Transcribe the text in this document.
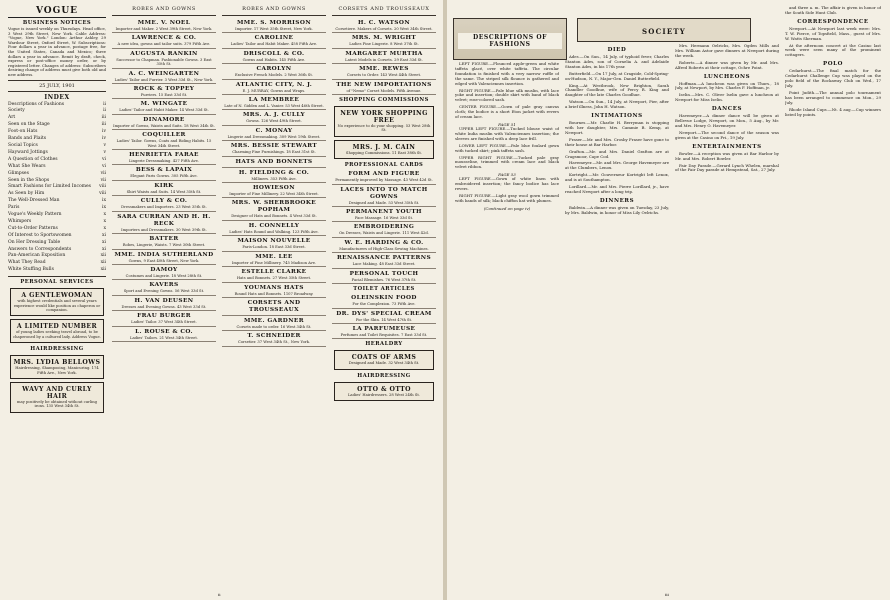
VOGUE
BUSINESS NOTICES
Vogue is issued weekly on Thursdays. Head office, 3 West 29th Street, New York. Cable Address: "Vogue, New York." London: Arthur Ashley, 29 Wardour Street, Oxford Street, W. Subscriptions: Four dollars a year in advance, postage free, for the United States, Canada and Mexico; three dollars a year in advance. Remit by draft, check, express or post-office money order, or by registered letter. Changes of address: Subscribers desiring change of address must give both old and new address.
25 JULY, 1901
INDEX
Descriptions of Fashions	ii
Society	ii
Art	iii
Seen on the Stage	iii
Foot-on Hats	iv
Bands and Plaits	iv
Social Topics	v
Hayward Jottings	v
A Question of Clothes	vi
What She Wears	vi
Glimpses	vii
Seen in the Shops	vii
Smart Fashions for Limited Incomes	viii
As Seen by Him	viii
The Well-Dressed Man	ix
Paris	ix
Vogue's Weekly Pattern	x
Whimpers	x
Cut-to-Order Patterns	x
Of Interest to Sportswomen	xi
On Her Dressing Table	xi
Answers to Correspondents	xi
Pan-American Exposition	xii
What They Read	xii
White Stuffing Bulls	xii
PERSONAL SERVICES
A GENTLEWOMAN
with highest credentials and several years experience would like position as chaperon or companion.
A LIMITED NUMBER
of young ladies seeking travel abroad, to be chaperoned by a cultured lady. Address Vogue.
HAIRDRESSING
MRS. LYDIA BELLOWS
Hairdressing, Shampooing, Manicuring. 174 Fifth Ave., New York.
WAVY AND CURLY HAIR
may positively be obtained without curling irons. 135 West 34th St.
ROBES AND GOWNS
MME. V. NOEL
Importer and Maker. 2 West 39th Street, New York.
LAWRENCE & CO.
A new idea, gowns and tailor suits. 379 Fifth Ave.
AUGUSTA RANKIN
Successor to Chapman. Fashionable Gowns. 3 East 35th St.
A. C. WEINGARTEN
Ladies' Tailor and Furrier. 3 West 33d St., New York.
ROCK & TOPPEY
Furriers. 15 East 33d St.
M. WINGATE
Ladies' Tailor and Habit Maker. 14 West 33d St.
DINAMORE
Importer of Gowns, Waists and Suits. 18 West 34th St.
COQUILLER
Ladies' Tailor. Gowns, Coats and Riding Habits. 15 West 34th Street.
HENRIETTA FARAE
Lingerie Dressmaking. 427 Fifth Ave.
BESS & LAPAIX
Elegant Paris Gowns. 305 Fifth Ave.
KIRK
Shirt Waists and Suits. 14 West 35th St.
CULLY & CO.
Dressmakers and Importers. 23 West 35th St.
SARA CURRAN AND H. H. RECK
Importers and Dressmakers. 30 West 39th St.
BATTER
Robes, Lingerie, Waists. 7 West 30th Street.
MME. INDIA SUTHERLAND
Gowns, 9 East 40th Street, New York.
DAMOY
Costumes and Lingerie. 18 West 28th St.
KAVERS
Sport and Evening Gowns. 56 West 33d St.
H. VAN DEUSEN
Dresses and Evening Gowns. 43 West 33d St.
FRAU BURGER
Ladies' Tailor. 37 West 34th Street.
L. ROUSE & CO.
Ladies' Tailors. 21 West 34th Street.
ROBES AND GOWNS
MME. S. MORRISON
Importer. 17 West 35th Street, New York.
CAROLINE
Ladies' Tailor and Habit Maker. 458 Fifth Ave.
DRISCOLL & CO.
Gowns and Habits. 145 Fifth Ave.
CAROLYN
Exclusive French Models. 2 West 36th St.
ATLANTIC CITY, N. J.
E. J. MURRAY, Gowns and Wraps.
LA MEMBREE
Late of N. Gidden and L. Vanier. 53 West 46th Street.
MRS. A. J. CULLY
Gowns. 126 West 49th Street.
C. MONAY
Lingerie and Dressmaking. 309 West 19th Street.
MRS. BESSIE STEWART
Charming Fine Furnishings. 18 East 31st St.
HATS AND BONNETS
H. FIELDING & CO.
Milliners. 353 Fifth Ave.
HOWIESON
Importer of Fine Millinery. 22 West 34th Street.
MRS. W. SHERBROOKE POPHAM
Designer of Hats and Bonnets. 4 West 33d St.
H. CONNELLY
Ladies' Hats Round and Walking. 123 Fifth Ave.
MAISON NOUVELLE
Paris-London. 18 East 33d Street.
MME. LEE
Importer of Fine Millinery. 745 Madison Ave.
ESTELLE CLARKE
Hats and Bonnets. 27 West 35th Street.
YOUMANS HATS
Round Hats and Bonnets. 1107 Broadway.
CORSETS AND TROUSSEAUX
MME. GARDNER
Corsets made to order. 16 West 34th St.
T. SCHNEIDER
Corsetier. 37 West 34th St., New York.
CORSETS AND TROUSSEAUX
H. C. WATSON
Corsetiere. Makers of Corsets. 20 West 34th Street.
MRS. M. WRIGHT
Ladies Fine Lingerie. 8 West 37th St.
MARGARET MURTHA
Latest Models in Corsets. 29 East 33d St.
MME. REWES
Corsets to Order. 143 West 44th Street.
THE NEW IMPORTATIONS
of "Nemo" Corset Models. Fifth Avenue.
SHOPPING COMMISSIONS
NEW YORK SHOPPING FREE
No experience to do your shopping. 53 West 28th St.
MRS. J. M. CAIN
Shopping Commissions. 11 East 38th St.
PROFESSIONAL CARDS
FORM AND FIGURE
Permanently improved by Massage. 43 West 42d St.
LACES INTO TO MATCH GOWNS
Designed and Made. 53 West 35th St.
PERMANENT YOUTH
Face Massage. 16 West 33d St.
EMBROIDERING
On Dresses, Waists and Lingerie. 111 West 42d.
W. E. HARDING & CO.
Manufacturers of High-Class Sewing Machines.
RENAISSANCE PATTERNS
Lace Making. 48 East 33d Street.
PERSONAL TOUCH
Facial Blemishes. 76 West 37th St.
TOILET ARTICLES
OLEINSKIN FOOD
For the Complexion. 73 Fifth Ave.
DR. DYS' SPECIAL CREAM
For the Skin. 14 West 47th St.
LA PARFUMEUSE
Perfumes and Toilet Requisites. 7 East 33d St.
HERALDRY
COATS OF ARMS
Designed and Made. 32 West 34th St.
HAIRDRESSING
OTTO & OTTO
Ladies' Hairdressers. 28 West 24th St.
ii
DESCRIPTIONS OF FASHIONS
SOCIETY

LEFT FIGURE.—Flounced apple-green and white taffeta glacé, over white taffeta. The circular foundation is finished with a very narrow ruffle of the same. The striped silk flounce is gathered and edged with Valenciennes insertion.

RIGHT FIGURE.—Pale blue silk muslin, with lace yoke and insertion; double skirt with band of black velvet; rose-colored sash.

CENTER FIGURE.—Gown of pale gray canvas cloth; the bodice is a short Eton jacket with revers of cream lace.

PAGE 51

UPPER LEFT FIGURE.—Tucked blouse waist of white India muslin with Valenciennes insertion; the sleeves are finished with a deep lace frill.

LOWER LEFT FIGURE.—Pale blue foulard gown with tucked skirt; pink taffeta sash.

UPPER RIGHT FIGURE.—Tucked pale gray mousseline, trimmed with cream lace and black velvet ribbon.

PAGE 53

LEFT FIGURE.—Gown of white linen with embroidered insertion; the fancy bodice has lace revers.

RIGHT FIGURE.—Light gray wool gown trimmed with bands of silk; black chiffon hat with plumes.

(Continued on page iv)
DIED

Ades.—On Sun., 14 July, of typhoid fever, Charles Stanton Ades, son of Cornelia A. and Adelaide Stanton Ades, in his 17th year.

Butterfield.—On 17 July, at Cragside, Cold-Spring-on-Hudson, N. Y., Major-Gen. Daniel Butterfield.

King.—At Westbrook, New Brighton, Sarah Chandler Goodhue, wife of Percy R. King and daughter of the late Charles Goodhue.

Watson.—On Sun., 14 July, at Newport, Pier, after a brief illness, John H. Watson.

INTIMATIONS

Bournes.—Mr. Charlie H. Berryman is stopping with her daughter, Mrs. Cammie B. Kemp, at Newport.

Fraser.—Mr. and Mrs. Crosby Fraser have gone to their house at Bar Harbor.

Grafton.—Mr. and Mrs. Daniel Grafton are at Cragsmoor, Cape Cod.

Havemeyer.—Mr. and Mrs. George Havemeyer are at the Clumbers, Lenox.

Kortright.—Mr. Gouverneur Kortright left Lenox, and is at Southampton.

Lorillard.—Mr. and Mrs. Pierre Lorillard, jr., have reached Newport after a long trip.

DINNERS

Baldwin.—A dinner was given on Tuesday, 23 July, by Mrs. Baldwin, in honor of Miss Lily Oelrichs.

Mrs. Hermann Oelrichs, Mrs. Ogden Mills and Mrs. William Astor gave dinners at Newport during the week.

Roberts.—A dinner was given by Mr. and Mrs. Alfred Roberts at their cottage, Ochre Point.

LUNCHEONS

Hoffman.—A luncheon was given on Thurs., 18 July, at Newport, by Mrs. Charles F. Hoffman, jr.

Iselin.—Mrs. C. Oliver Iselin gave a luncheon at Newport for Miss Iselin.

DANCES

Havemeyer.—A dinner dance will be given at Bellevue Lodge, Newport, on Mon., 5 Aug., by Mr. and Mrs. Henry O. Havemeyer.

Newport.—The second dance of the season was given at the Casino on Fri., 19 July.

ENTERTAINMENTS

Bowler.—A reception was given at Bar Harbor by Mr. and Mrs. Robert Bowler.

Fair Day Parade.—Gerard Lynch Whelen, marshal of the Fair Day parade at Hempstead, Sat., 27 July.

and three a. m. The affair is given in honor of the South Side Hunt Club.

CORRESPONDENCE

Newport.—At Newport last week were: Mrs. T. W. Pierce, of Topsfield, Mass., guest of Mrs. W. Watts Sherman.

At the afternoon concert at the Casino last week were seen many of the prominent cottagers.

POLO

Cedarhurst.—The final match for the Cedarhurst Challenge Cup was played on the polo field of the Rockaway Club on Wed., 17 July.

Point Judith.—The annual polo tournament has been arranged to commence on Mon., 29 July.

Rhode Island Cups.—Nt. 4 aug.—Cup winners listed by points.

iii
